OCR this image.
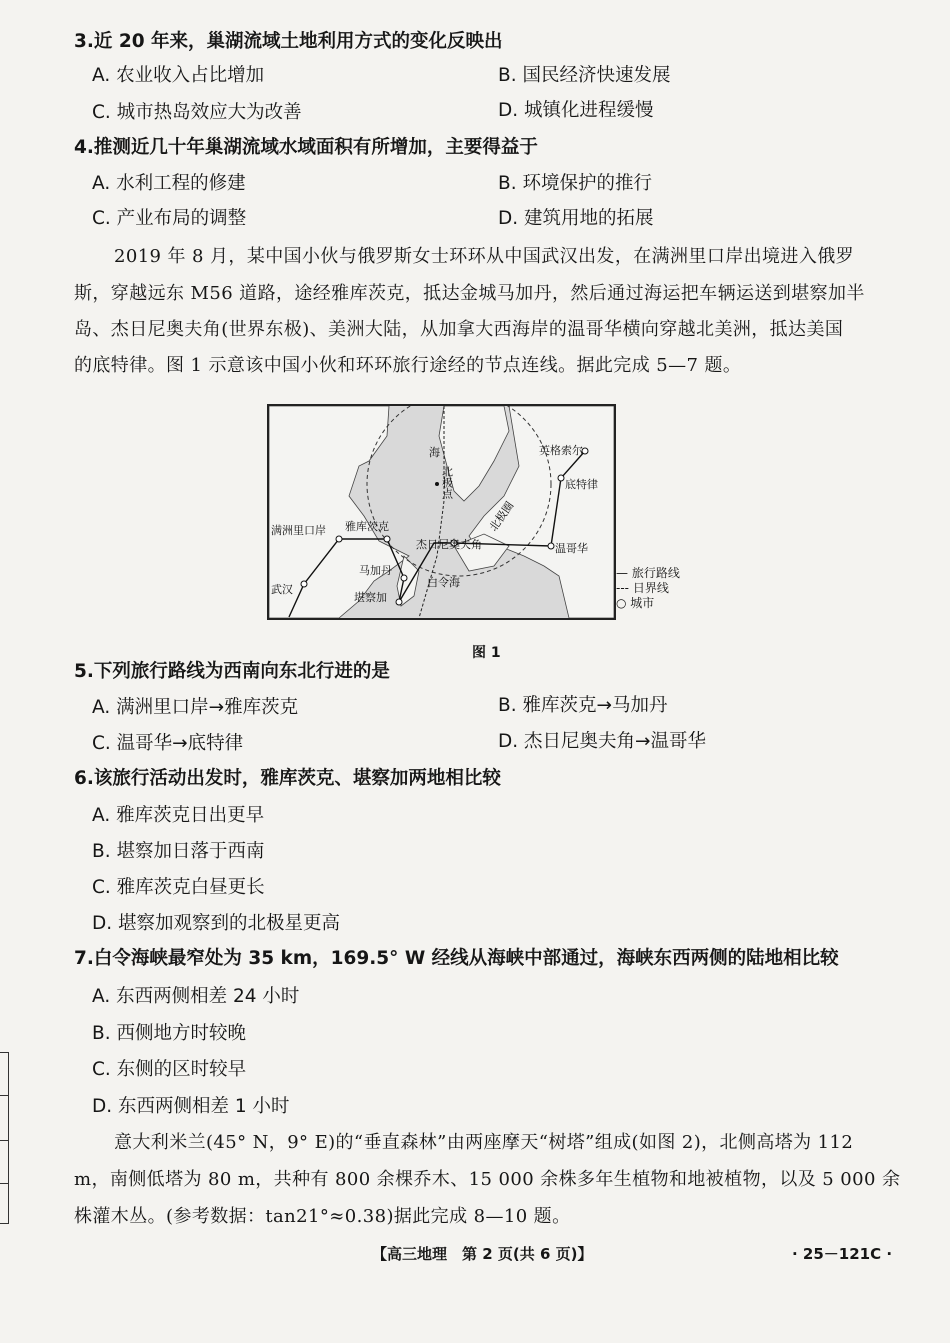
3.近 20 年来，巢湖流域土地利用方式的变化反映出
A. 农业收入占比增加	B. 国民经济快速发展
C. 城市热岛效应大为改善	D. 城镇化进程缓慢
4.推测近几十年巢湖流域水域面积有所增加，主要得益于
A. 水利工程的修建	B. 环境保护的推行
C. 产业布局的调整	D. 建筑用地的拓展
2019 年 8 月，某中国小伙与俄罗斯女士环环从中国武汉出发，在满洲里口岸出境进入俄罗
斯，穿越远东 M56 道路，途经雅库茨克，抵达金城马加丹，然后通过海运把车辆运送到堪察加半
岛、杰日尼奥夫角(世界东极)、美洲大陆，从加拿大西海岸的温哥华横向穿越北美洲，抵达美国
的底特律。图 1 示意该中国小伙和环环旅行途经的节点连线。据此完成 5—7 题。
满洲里口岸 雅库茨克
武汉
马加丹
堪察加
杰日尼奥夫角
白令海
温哥华
底特律
英格索尔
海
北极点
北极圈
— 旅行路线
--- 日界线
○ 城市
图 1
5.下列旅行路线为西南向东北行进的是
A. 满洲里口岸→雅库茨克	B. 雅库茨克→马加丹
C. 温哥华→底特律	D. 杰日尼奥夫角→温哥华
6.该旅行活动出发时，雅库茨克、堪察加两地相比较
A. 雅库茨克日出更早
B. 堪察加日落于西南
C. 雅库茨克白昼更长
D. 堪察加观察到的北极星更高
7.白令海峡最窄处为 35 km，169.5° W 经线从海峡中部通过，海峡东西两侧的陆地相比较
A. 东西两侧相差 24 小时
B. 西侧地方时较晚
C. 东侧的区时较早
D. 东西两侧相差 1 小时
意大利米兰(45° N，9° E)的“垂直森林”由两座摩天“树塔”组成(如图 2)，北侧高塔为 112
m，南侧低塔为 80 m，共种有 800 余棵乔木、15 000 余株多年生植物和地被植物，以及 5 000 余
株灌木丛。(参考数据：tan21°≈0.38)据此完成 8—10 题。
【高三地理　第 2 页(共 6 页)】	· 25－121C ·
